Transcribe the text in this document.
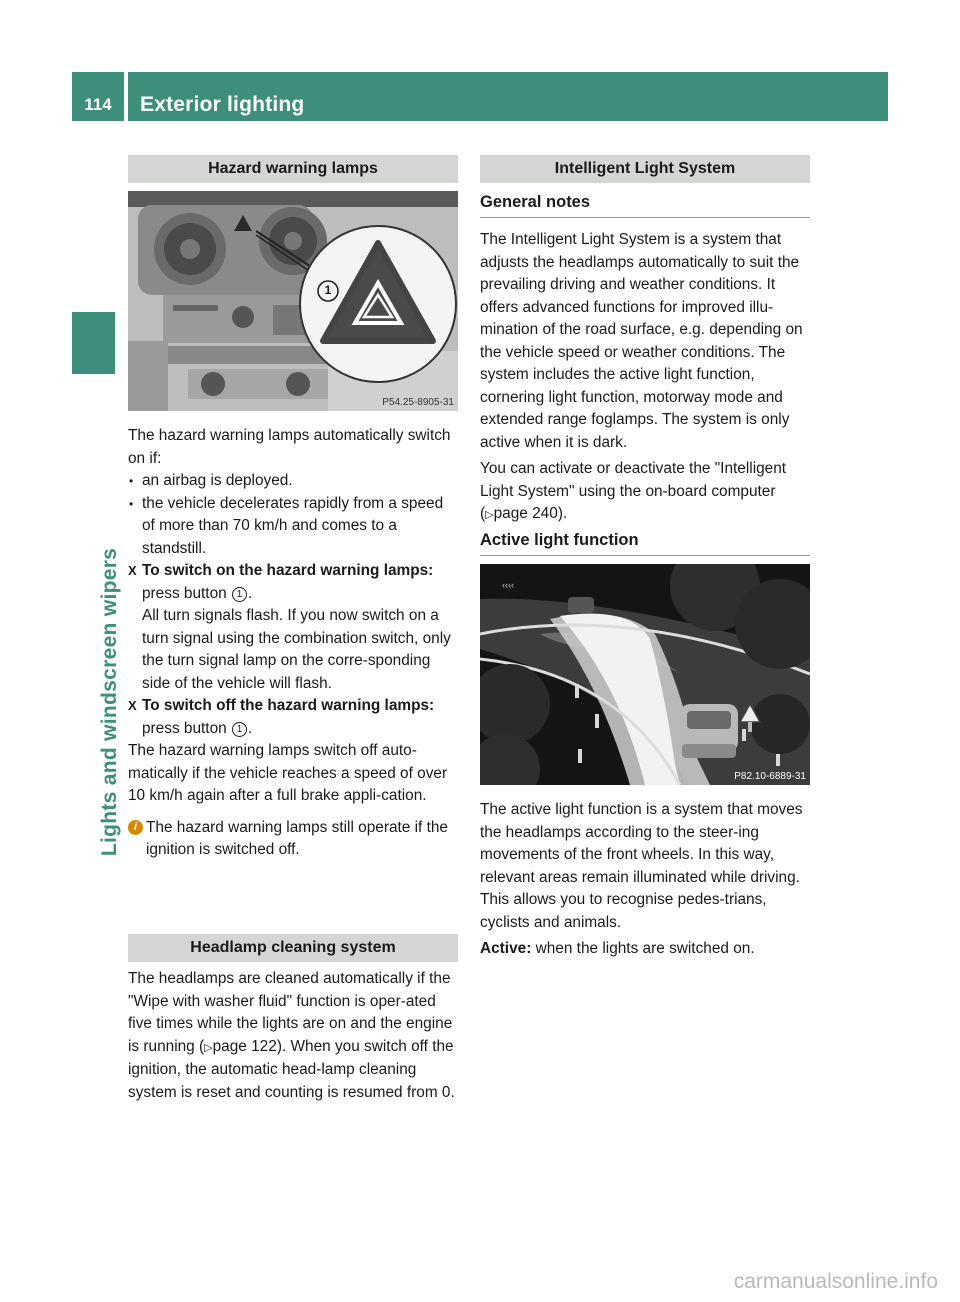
114	Exterior lighting
Lights and windscreen wipers
Hazard warning lamps
1
P54.25-8905-31

The hazard warning lamps automatically switch on if:

• an airbag is deployed.

• the vehicle decelerates rapidly from a speed of more than 70 km/h and comes to a standstill.

X To switch on the hazard warning lamps:
press button 1 .
All turn signals flash. If you now switch on a turn signal using the combination switch, only the turn signal lamp on the corre-sponding side of the vehicle will flash.

X To switch off the hazard warning lamps: press button 1 .

The hazard warning lamps switch off auto-matically if the vehicle reaches a speed of over 10 km/h again after a full brake appli-cation.

i The hazard warning lamps still operate if the ignition is switched off.

Headlamp cleaning system

The headlamps are cleaned automatically if the "Wipe with washer fluid" function is oper-ated five times while the lights are on and the engine is running (▷page 122). When you switch off the ignition, the automatic head-lamp cleaning system is reset and counting is resumed from 0.

Intelligent Light System
General notes

The Intelligent Light System is a system that adjusts the headlamps automatically to suit the prevailing driving and weather conditions. It offers advanced functions for improved illu-mination of the road surface, e.g. depending on the vehicle speed or weather conditions. The system includes the active light function, cornering light function, motorway mode and extended range foglamps. The system is only active when it is dark.

You can activate or deactivate the "Intelligent Light System" using the on-board computer (▷page 240).

Active light function
‹‹‹‹
P82.10-6889-31

The active light function is a system that moves the headlamps according to the steer-ing movements of the front wheels. In this way, relevant areas remain illuminated while driving. This allows you to recognise pedes-trians, cyclists and animals.

Active: when the lights are switched on.

carmanualsonline.info
